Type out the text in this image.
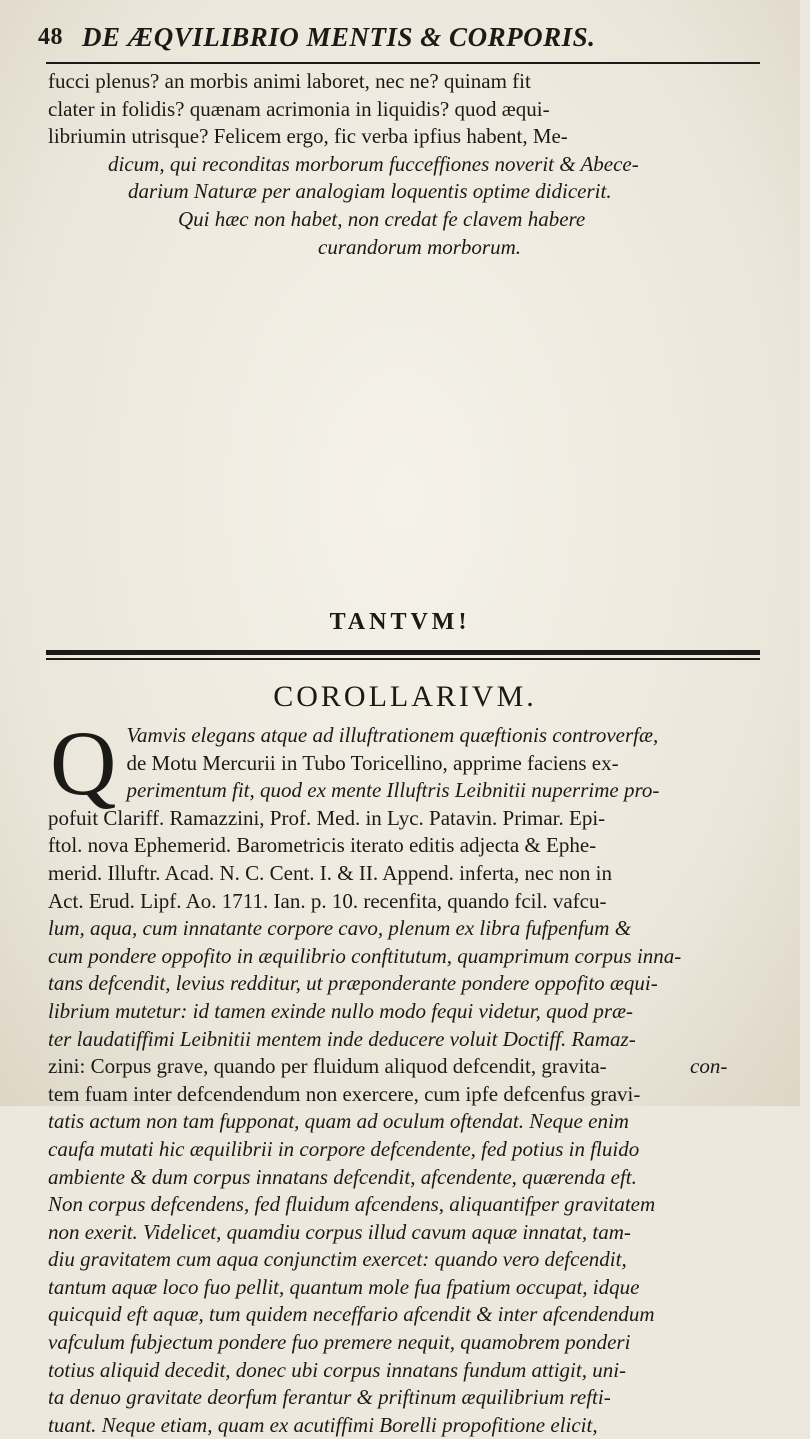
48 DE ÆQVILIBRIO MENTIS & CORPORIS.

fucci plenus? an morbis animi laboret, nec ne? quinam fit

clater in folidis? quænam acrimonia in liquidis? quod æqui-

libriumin utrisque? Felicem ergo, fic verba ipfius habent, Me-

dicum, qui reconditas morborum fucceffiones noverit & Abece-

darium Naturæ per analogiam loquentis optime didicerit.

Qui hæc non habet, non credat fe clavem habere

curandorum morborum.

TANTVM!
COROLLARIVM.
Q Vamvis elegans atque ad illuftrationem quæftionis controverfæ,

de Motu Mercurii in Tubo Toricellino, apprime faciens ex-

perimentum fit, quod ex mente Illuftris Leibnitii nuperrime pro-

pofuit Clariff. Ramazzini, Prof. Med. in Lyc. Patavin. Primar. Epi-

ftol. nova Ephemerid. Barometricis iterato editis adjecta & Ephe-

merid. Illuftr. Acad. N. C. Cent. I. & II. Append. inferta, nec non in

Act. Erud. Lipf. Ao. 1711. Ian. p. 10. recenfita, quando fcil. vafcu-

lum, aqua, cum innatante corpore cavo, plenum ex libra fufpenfum &

cum pondere oppofito in æquilibrio conftitutum, quamprimum corpus inna-

tans defcendit, levius redditur, ut præponderante pondere oppofito æqui-

librium mutetur: id tamen exinde nullo modo fequi videtur, quod præ-

ter laudatiffimi Leibnitii mentem inde deducere voluit Doctiff. Ramaz-

zini: Corpus grave, quando per fluidum aliquod defcendit, gravita-

tem fuam inter defcendendum non exercere, cum ipfe defcenfus gravi-

tatis actum non tam fupponat, quam ad oculum oftendat. Neque enim

caufa mutati hic æquilibrii in corpore defcendente, fed potius in fluido

ambiente & dum corpus innatans defcendit, afcendente, quærenda eft.

Non corpus defcendens, fed fluidum afcendens, aliquantifper gravitatem

non exerit. Videlicet, quamdiu corpus illud cavum aquæ innatat, tam-

diu gravitatem cum aqua conjunctim exercet: quando vero defcendit,

tantum aquæ loco fuo pellit, quantum mole fua fpatium occupat, idque

quicquid eft aquæ, tum quidem neceffario afcendit & inter afcendendum

vafculum fubjectum pondere fuo premere nequit, quamobrem ponderi

totius aliquid decedit, donec ubi corpus innatans fundum attigit, uni-

ta denuo gravitate deorfum ferantur & priftinum æquilibrium refti-

tuant. Neque etiam, quam ex acutiffimi Borelli propofitione elicit,

con-
